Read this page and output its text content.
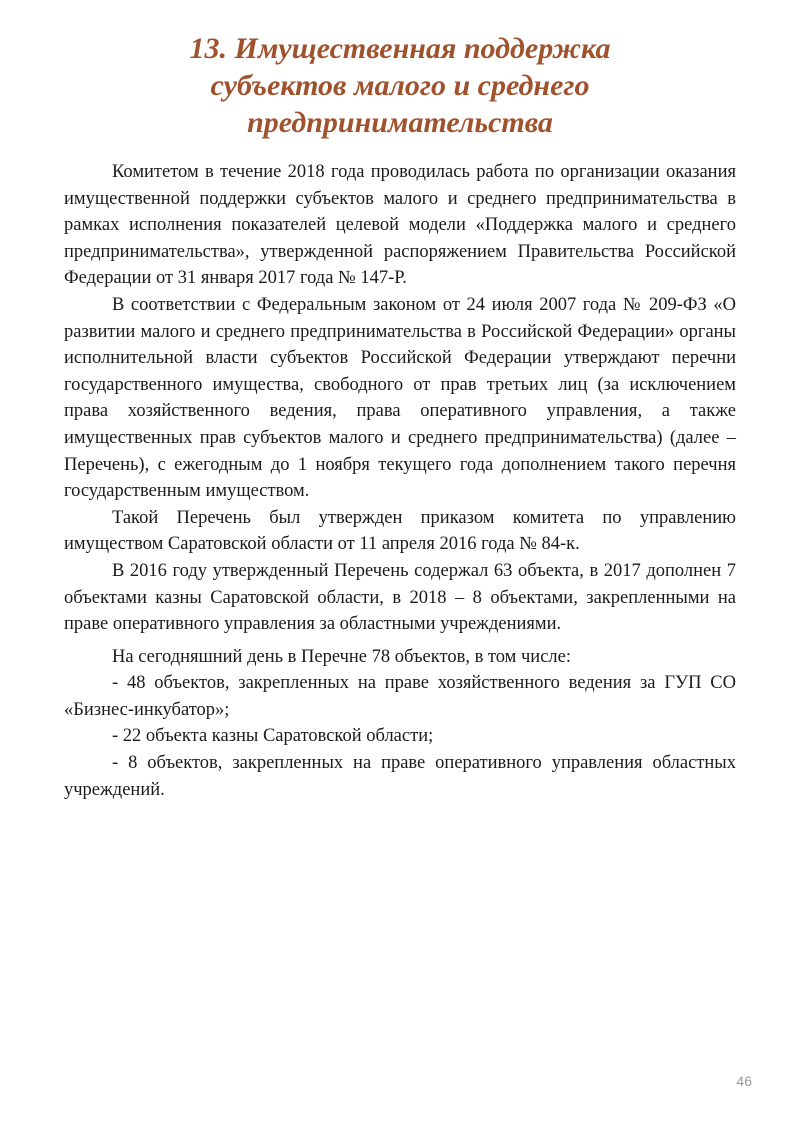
13. Имущественная поддержка
субъектов малого и среднего
предпринимательства

Комитетом в течение 2018 года проводилась работа по организации оказания имущественной поддержки субъектов малого и среднего предпринимательства в рамках исполнения показателей целевой модели «Поддержка малого и среднего предпринимательства», утвержденной распоряжением Правительства Российской Федерации от 31 января 2017 года № 147-Р.

В соответствии с Федеральным законом от 24 июля 2007 года № 209-ФЗ «О развитии малого и среднего предпринимательства в Российской Федерации» органы исполнительной власти субъектов Российской Федерации утверждают перечни государственного имущества, свободного от прав третьих лиц (за исключением права хозяйственного ведения, права оперативного управления, а также имущественных прав субъектов малого и среднего предпринимательства) (далее – Перечень), с ежегодным до 1 ноября текущего года дополнением такого перечня государственным имуществом.

Такой Перечень был утвержден приказом комитета по управлению имуществом Саратовской области от 11 апреля 2016 года № 84-к.

В 2016 году утвержденный Перечень содержал 63 объекта, в 2017 дополнен 7 объектами казны Саратовской области, в 2018 – 8 объектами, закрепленными на праве оперативного управления за областными учреждениями.

На сегодняшний день в Перечне 78 объектов, в том числе:

- 48 объектов, закрепленных на праве хозяйственного ведения за ГУП СО «Бизнес-инкубатор»;

- 22 объекта казны Саратовской области;

- 8 объектов, закрепленных на праве оперативного управления областных учреждений.

46
